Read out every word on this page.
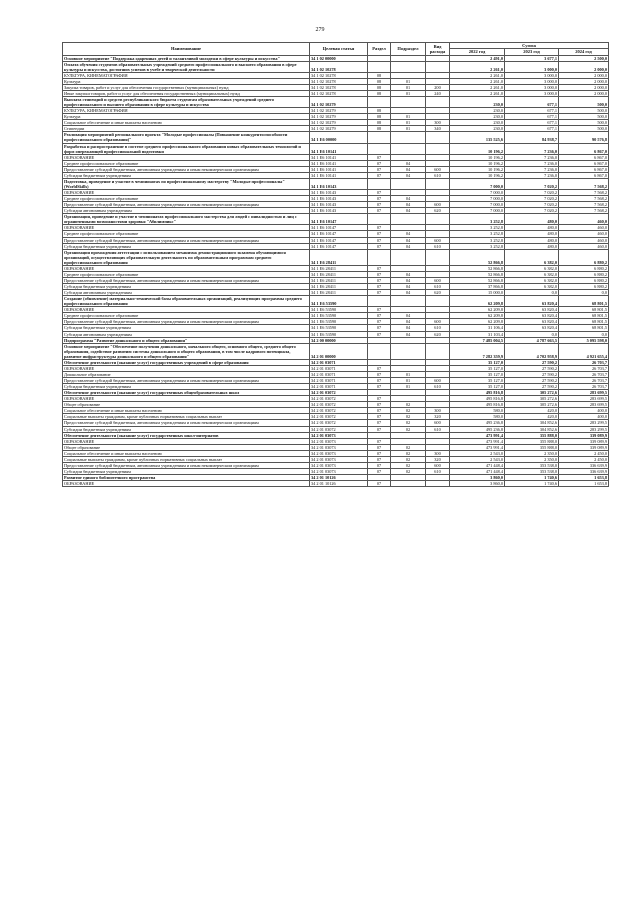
279
Наименование	Целевая статья	Раздел	Подраздел	Вид расхода	Сумма		
					2022 год	2023 год	2024 год
Основное мероприятие "Поддержка одаренных детей и талантливой молодежи в сфере культуры и искусства"	34 1 02 00000				2 491,0	3 677,1	2 500,0
Оплата обучения студентов образовательных учреждений среднего профессионального и высшего образования в сфере культуры и искусства, достигших успехов в учебе и творческой деятельности	34 1 02 10278				2 261,0	3 000,0	2 000,0
КУЛЬТУРА, КИНЕМАТОГРАФИЯ	34 1 02 10278	08			2 261,0	3 000,0	2 000,0
Культура	34 1 02 10278	08	01		2 261,0	3 000,0	2 000,0
Закупка товаров, работ и услуг для обеспечения государственных (муниципальных) нужд	34 1 02 10278	08	01	200	2 261,0	3 000,0	2 000,0
Иные закупки товаров, работ и услуг для обеспечения государственных (муниципальных) нужд	34 1 02 10278	08	01	240	2 261,0	3 000,0	2 000,0
Выплата стипендий и средств республиканского бюджета студентам образовательных учреждений среднего профессионального и высшего образования в сфере культуры и искусства	34 1 02 10279				230,0	677,1	500,0
КУЛЬТУРА, КИНЕМАТОГРАФИЯ	34 1 02 10279	08			230,0	677,1	500,0
Культура	34 1 02 10279	08	01		230,0	677,1	500,0
Социальное обеспечение и иные выплаты населению	34 1 02 10279	08	01	300	230,0	677,1	500,0
Стипендии	34 1 02 10279	08	01	340	230,0	677,1	500,0
Реализация мероприятий регионального проекта "Молодые профессионалы (Повышение конкурентоспособности профессионального образования)"	34 1 Е6 00000				135 525,6	84 938,7	90 576,8
Разработка и распространение в системе среднего профессионального образования новых образовательных технологий и форм опережающей профессиональной подготовки	34 1 Е6 10141				10 196,2	7 236,0	6 867,0
ОБРАЗОВАНИЕ	34 1 Е6 10141	07			10 196,2	7 236,0	6 867,0
Среднее профессиональное образование	34 1 Е6 10141	07	04		10 196,2	7 236,0	6 867,0
Предоставление субсидий бюджетным, автономным учреждениям и иным некоммерческим организациям	34 1 Е6 10141	07	04	600	10 196,2	7 236,0	6 867,0
Субсидии бюджетным учреждениям	34 1 Е6 10141	07	04	610	10 196,2	7 236,0	6 867,0
Подготовка, проведение и участие в чемпионатах по профессиональному мастерству "Молодые профессионалы" (WorldSkills)	34 1 Е6 10143				7 000,0	7 020,2	7 568,2
ОБРАЗОВАНИЕ	34 1 Е6 10143	07			7 000,0	7 020,2	7 568,2
Среднее профессиональное образование	34 1 Е6 10143	07	04		7 000,0	7 020,2	7 568,2
Предоставление субсидий бюджетным, автономным учреждениям и иным некоммерческим организациям	34 1 Е6 10143	07	04	600	7 000,0	7 020,2	7 568,2
Субсидии автономным учреждениям	34 1 Е6 10143	07	04	620	7 000,0	7 020,2	7 568,2
Организация, проведение и участие в чемпионатах профессионального мастерства для людей с инвалидностью и лиц с ограниченными возможностями здоровья "Абилимпикс"	34 1 Е6 10147				3 252,8	480,0	460,0
ОБРАЗОВАНИЕ	34 1 Е6 10147	07			3 252,8	480,0	460,0
Среднее профессиональное образование	34 1 Е6 10147	07	04		3 252,8	480,0	460,0
Предоставление субсидий бюджетным, автономным учреждениям и иным некоммерческим организациям	34 1 Е6 10147	07	04	600	3 252,8	480,0	460,0
Субсидии бюджетным учреждениям	34 1 Е6 10147	07	04	610	3 252,8	480,0	460,0
Организация прохождения аттестации с использованием механизма демонстрационного экзамена обучающимися организаций, осуществляющих образовательную деятельность по образовательным программам среднего профессионального образования	34 1 Е6 28411				52 866,8	6 382,0	6 880,2
ОБРАЗОВАНИЕ	34 1 Е6 28411	07			52 866,8	6 382,0	6 880,2
Среднее профессиональное образование	34 1 Е6 28411	07	04		52 866,8	6 382,0	6 880,2
Предоставление субсидий бюджетным, автономным учреждениям и иным некоммерческим организациям	34 1 Е6 28411	07	04	600	52 866,8	6 382,0	6 880,2
Субсидии бюджетным учреждениям	34 1 Е6 28411	07	04	610	37 866,8	6 382,0	6 880,2
Субсидии автономным учреждениям	34 1 Е6 28411	07	04	620	15 000,0	0,0	0,0
Создание (обновление) материально-технической базы образовательных организаций, реализующих программы среднего профессионального образования	34 1 Е6 53590				62 209,8	63 820,4	68 801,5
ОБРАЗОВАНИЕ	34 1 Е6 53590	07			62 209,8	63 820,4	68 801,5
Среднее профессиональное образование	34 1 Е6 53590	07	04		62 209,8	63 820,4	68 801,5
Предоставление субсидий бюджетным, автономным учреждениям и иным некоммерческим организациям	34 1 Е6 53590	07	04	600	62 209,8	63 820,4	68 801,5
Субсидии бюджетным учреждениям	34 1 Е6 53590	07	04	610	31 106,4	63 820,4	68 801,5
Субсидии автономным учреждениям	34 1 Е6 53590	07	04	620	31 103,4	0,0	0,0
Подпрограмма "Развитие дошкольного и общего образования"	34 2 00 00000				7 485 004,5	4 787 663,5	5 095 598,0
Основное мероприятие "Обеспечение получения дошкольного, начального общего, основного общего, среднего общего образования, содействие развитию системы дошкольного и общего образования, в том числе кадрового потенциала, развитие инфраструктуры дошкольного и общего образования"	34 2 01 00000				7 282 359,9	4 702 958,9	4 921 655,4
Обеспечение деятельности (оказание услуг) государственных учреждений в сфере образования	34 2 01 03071				35 127,0	27 590,2	26 703,7
ОБРАЗОВАНИЕ	34 2 01 03071	07			35 127,0	27 590,2	26 703,7
Дошкольное образование	34 2 01 03071	07	01		35 127,0	27 590,2	26 703,7
Предоставление субсидий бюджетным, автономным учреждениям и иным некоммерческим организациям	34 2 01 03071	07	01	600	35 127,0	27 590,2	26 703,7
Субсидии бюджетным учреждениям	34 2 01 03071	07	01	610	35 127,0	27 590,2	26 703,7
Обеспечение деятельности (оказание услуг) государственных общеобразовательных школ	34 2 01 03072				495 816,8	305 272,6	283 699,5
ОБРАЗОВАНИЕ	34 2 01 03072	07			495 816,8	305 272,6	283 699,5
Общее образование	34 2 01 03072	07	02		495 816,8	305 272,6	283 699,5
Социальное обеспечение и иные выплаты населению	34 2 01 03072	07	02	300	580,0	420,0	400,0
Социальные выплаты гражданам, кроме публичных нормативных социальных выплат	34 2 01 03072	07	02	320	580,0	420,0	400,0
Предоставление субсидий бюджетным, автономным учреждениям и иным некоммерческим организациям	34 2 01 03072	07	02	600	495 236,8	304 852,6	283 299,5
Субсидии бюджетным учреждениям	34 2 01 03072	07	02	610	495 236,8	304 852,6	283 299,5
Обеспечение деятельности (оказание услуг) государственных школ-интернатов	34 2 01 03073				473 991,4	355 888,0	339 089,9
ОБРАЗОВАНИЕ	34 2 01 03073	07			473 991,4	355 888,0	339 089,9
Общее образование	34 2 01 03073	07	02		473 991,4	355 888,0	339 089,9
Социальное обеспечение и иные выплаты населению	34 2 01 03073	07	02	300	2 543,0	2 350,0	2 450,0
Социальные выплаты гражданам, кроме публичных нормативных социальных выплат	34 2 01 03073	07	02	320	2 543,0	2 350,0	2 450,0
Предоставление субсидий бюджетным, автономным учреждениям и иным некоммерческим организациям	34 2 01 03073	07	02	600	471 448,4	353 538,0	336 639,9
Субсидии бюджетным учреждениям	34 2 01 03073	07	02	610	471 448,4	353 538,0	336 639,9
Развитие единого библиотечного пространства	34 2 01 10126				3 860,0	1 740,6	1 653,8
ОБРАЗОВАНИЕ	34 2 01 10126	07			3 860,0	1 740,6	1 653,8
